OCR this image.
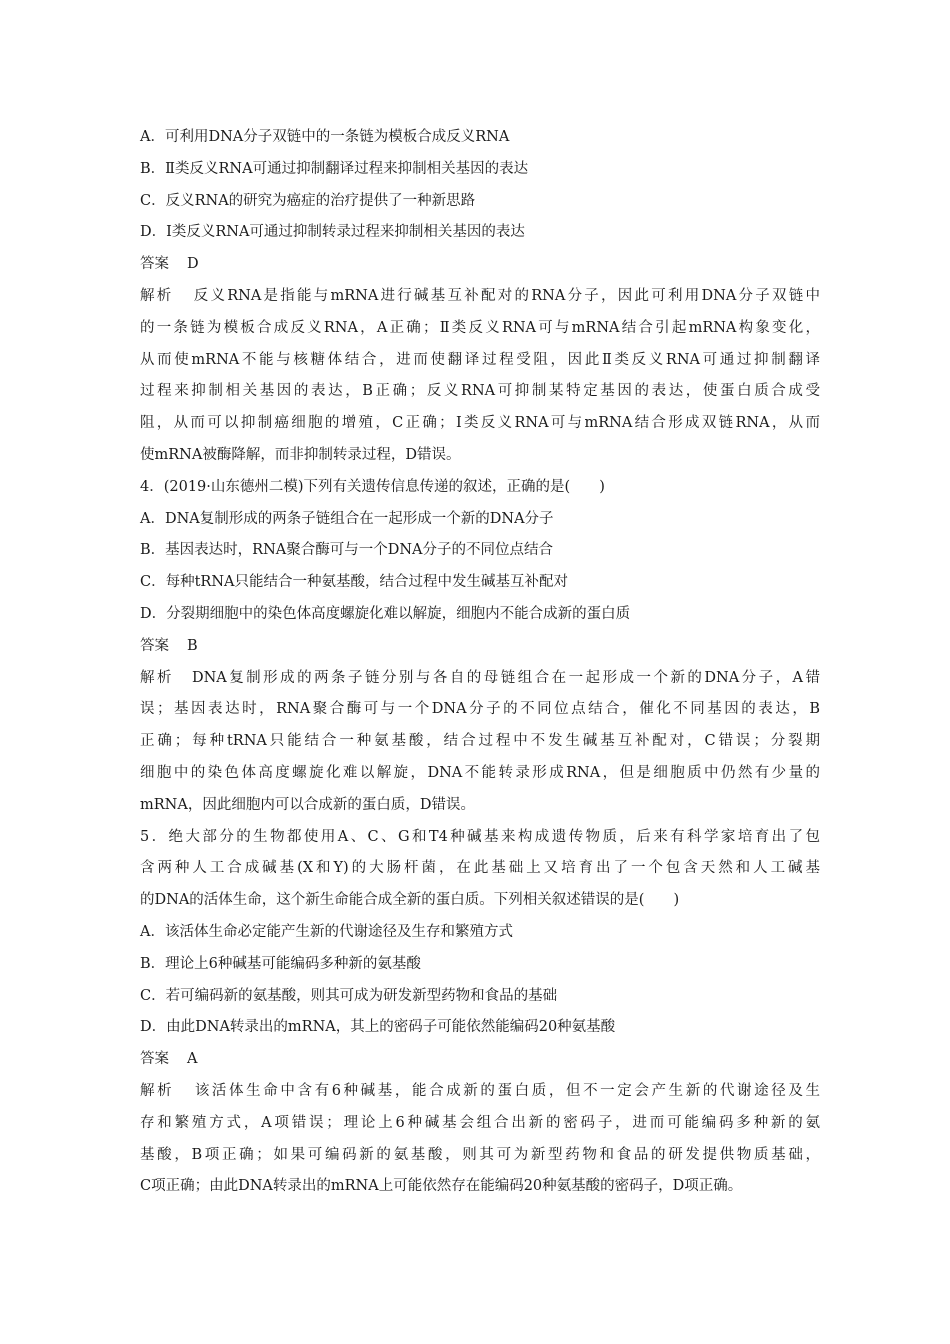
A．可利用DNA分子双链中的一条链为模板合成反义RNA
B．Ⅱ类反义RNA可通过抑制翻译过程来抑制相关基因的表达
C．反义RNA的研究为癌症的治疗提供了一种新思路
D．Ⅰ类反义RNA可通过抑制转录过程来抑制相关基因的表达
答案 D
解析 反义RNA是指能与mRNA进行碱基互补配对的RNA分子，因此可利用DNA分子双链中
的一条链为模板合成反义RNA，A正确；Ⅱ类反义RNA可与mRNA结合引起mRNA构象变化，
从而使mRNA不能与核糖体结合，进而使翻译过程受阻，因此Ⅱ类反义RNA可通过抑制翻译
过程来抑制相关基因的表达，B正确；反义RNA可抑制某特定基因的表达，使蛋白质合成受
阻，从而可以抑制癌细胞的增殖，C正确；Ⅰ类反义RNA可与mRNA结合形成双链RNA，从而
使mRNA被酶降解，而非抑制转录过程，D错误。
4．(2019·山东德州二模)下列有关遗传信息传递的叙述，正确的是(　　)
A．DNA复制形成的两条子链组合在一起形成一个新的DNA分子
B．基因表达时，RNA聚合酶可与一个DNA分子的不同位点结合
C．每种tRNA只能结合一种氨基酸，结合过程中发生碱基互补配对
D．分裂期细胞中的染色体高度螺旋化难以解旋，细胞内不能合成新的蛋白质
答案 B
解析 DNA复制形成的两条子链分别与各自的母链组合在一起形成一个新的DNA分子，A错
误；基因表达时，RNA聚合酶可与一个DNA分子的不同位点结合，催化不同基因的表达，B
正确；每种tRNA只能结合一种氨基酸，结合过程中不发生碱基互补配对，C错误；分裂期
细胞中的染色体高度螺旋化难以解旋，DNA不能转录形成RNA，但是细胞质中仍然有少量的
mRNA，因此细胞内可以合成新的蛋白质，D错误。
5．绝大部分的生物都使用A、C、G和T4种碱基来构成遗传物质，后来有科学家培育出了包
含两种人工合成碱基(X和Y)的大肠杆菌，在此基础上又培育出了一个包含天然和人工碱基
的DNA的活体生命，这个新生命能合成全新的蛋白质。下列相关叙述错误的是(　　)
A．该活体生命必定能产生新的代谢途径及生存和繁殖方式
B．理论上6种碱基可能编码多种新的氨基酸
C．若可编码新的氨基酸，则其可成为研发新型药物和食品的基础
D．由此DNA转录出的mRNA，其上的密码子可能依然能编码20种氨基酸
答案 A
解析 该活体生命中含有6种碱基，能合成新的蛋白质，但不一定会产生新的代谢途径及生
存和繁殖方式，A项错误；理论上6种碱基会组合出新的密码子，进而可能编码多种新的氨
基酸，B项正确；如果可编码新的氨基酸，则其可为新型药物和食品的研发提供物质基础，
C项正确；由此DNA转录出的mRNA上可能依然存在能编码20种氨基酸的密码子，D项正确。
